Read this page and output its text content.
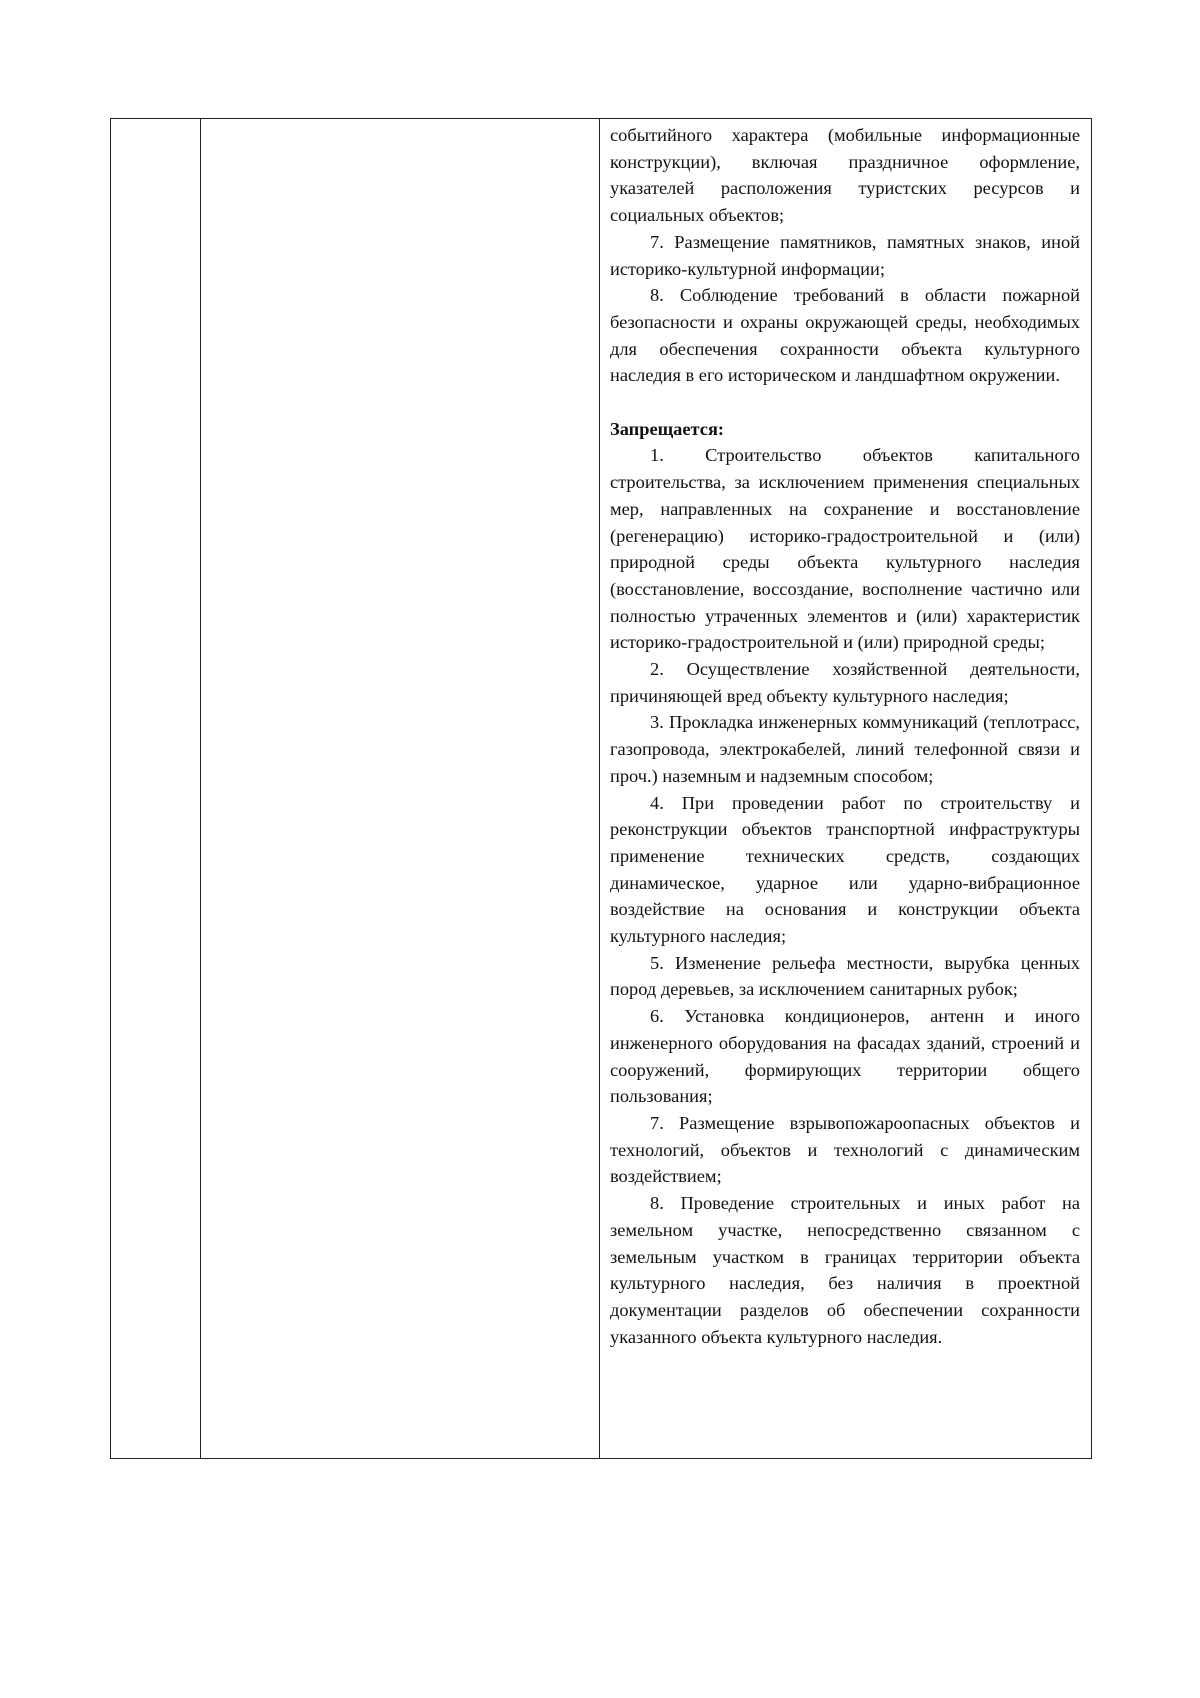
событийного характера (мобильные информационные конструкции), включая праздничное оформление, указателей расположения туристских ресурсов и социальных объектов;

7. Размещение памятников, памятных знаков, иной историко-культурной информации;

8. Соблюдение требований в области пожарной безопасности и охраны окружающей среды, необходимых для обеспечения сохранности объекта культурного наследия в его историческом и ландшафтном окружении.

Запрещается:

1. Строительство объектов капитального строительства, за исключением применения специальных мер, направленных на сохранение и восстановление (регенерацию) историко-градостроительной и (или) природной среды объекта культурного наследия (восстановление, воссоздание, восполнение частично или полностью утраченных элементов и (или) характеристик историко-градостроительной и (или) природной среды;

2. Осуществление хозяйственной деятельности, причиняющей вред объекту культурного наследия;

3. Прокладка инженерных коммуникаций (теплотрасс, газопровода, электрокабелей, линий телефонной связи и проч.) наземным и надземным способом;

4. При проведении работ по строительству и реконструкции объектов транспортной инфраструктуры применение технических средств, создающих динамическое, ударное или ударно-вибрационное воздействие на основания и конструкции объекта культурного наследия;

5. Изменение рельефа местности, вырубка ценных пород деревьев, за исключением санитарных рубок;

6. Установка кондиционеров, антенн и иного инженерного оборудования на фасадах зданий, строений и сооружений, формирующих территории общего пользования;

7. Размещение взрывопожароопасных объектов и технологий, объектов и технологий с динамическим воздействием;

8. Проведение строительных и иных работ на земельном участке, непосредственно связанном с земельным участком в границах территории объекта культурного наследия, без наличия в проектной документации разделов об обеспечении сохранности указанного объекта культурного наследия.
